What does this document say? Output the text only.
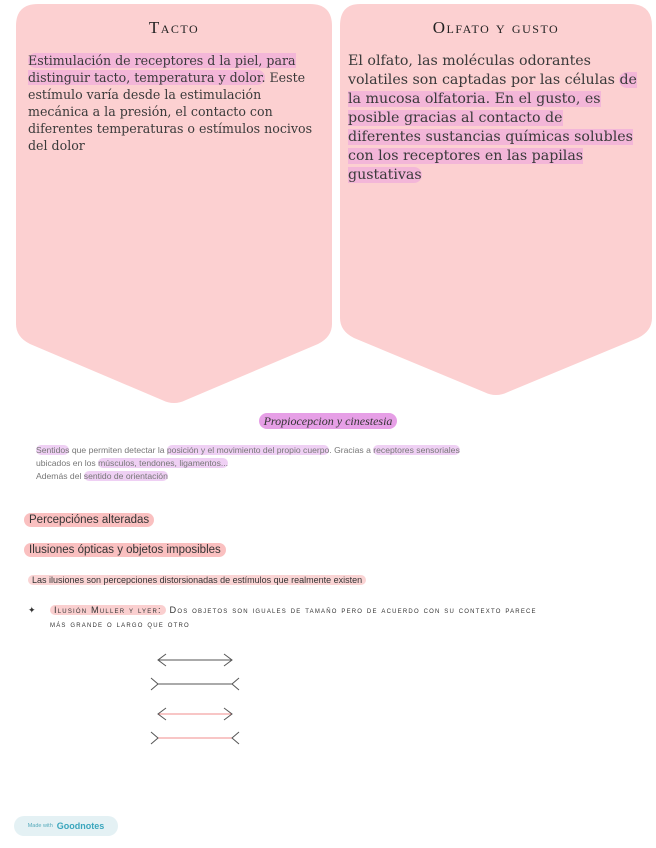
Tacto
Estimulación de receptores d la piel, para distinguir tacto, temperatura y dolor. Eeste estímulo varía desde la estimulación mecánica a la presión, el contacto con diferentes temperaturas o estímulos nocivos del dolor
Olfato y gusto
El olfato, las moléculas odorantes volatiles son captadas por las células de la mucosa olfatoria. En el gusto, es posible gracias al contacto de diferentes sustancias químicas solubles con los receptores en las papilas gustativas
Propiocepcion y cinestesia
Sentidos que permiten detectar la posición y el movimiento del propio cuerpo. Gracias a receptores sensoriales
ubicados en los músculos, tendones, ligamentos...
Además del sentido de orientación
Percepciónes alteradas
Ilusiones ópticas y objetos imposibles
Las ilusiones son percepciones distorsionadas de estímulos que realmente existen
✦	Ilusión Muller y lyer: Dos objetos son iguales de tamaño pero de acuerdo con su contexto parece más grande o largo que otro
Made with Goodnotes
